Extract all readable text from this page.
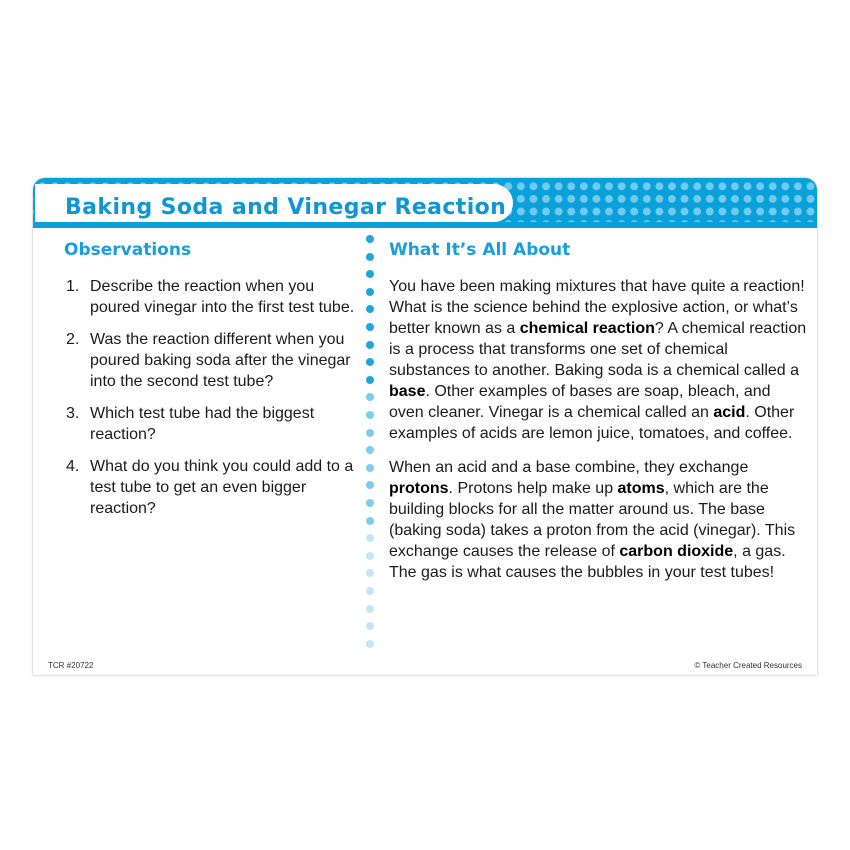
Baking Soda and Vinegar Reaction
Observations
1. Describe the reaction when you poured vinegar into the first test tube.
2. Was the reaction different when you poured baking soda after the vinegar into the second test tube?
3. Which test tube had the biggest reaction?
4. What do you think you could add to a test tube to get an even bigger reaction?
What It’s All About

You have been making mixtures that have quite a reaction! What is the science behind the explosive action, or what’s better known as a chemical reaction? A chemical reaction is a process that transforms one set of chemical substances to another. Baking soda is a chemical called a base. Other examples of bases are soap, bleach, and oven cleaner. Vinegar is a chemical called an acid. Other examples of acids are lemon juice, tomatoes, and coffee.

When an acid and a base combine, they exchange protons. Protons help make up atoms, which are the building blocks for all the matter around us. The base (baking soda) takes a proton from the acid (vinegar). This exchange causes the release of carbon dioxide, a gas. The gas is what causes the bubbles in your test tubes!

TCR #20722	© Teacher Created Resources
